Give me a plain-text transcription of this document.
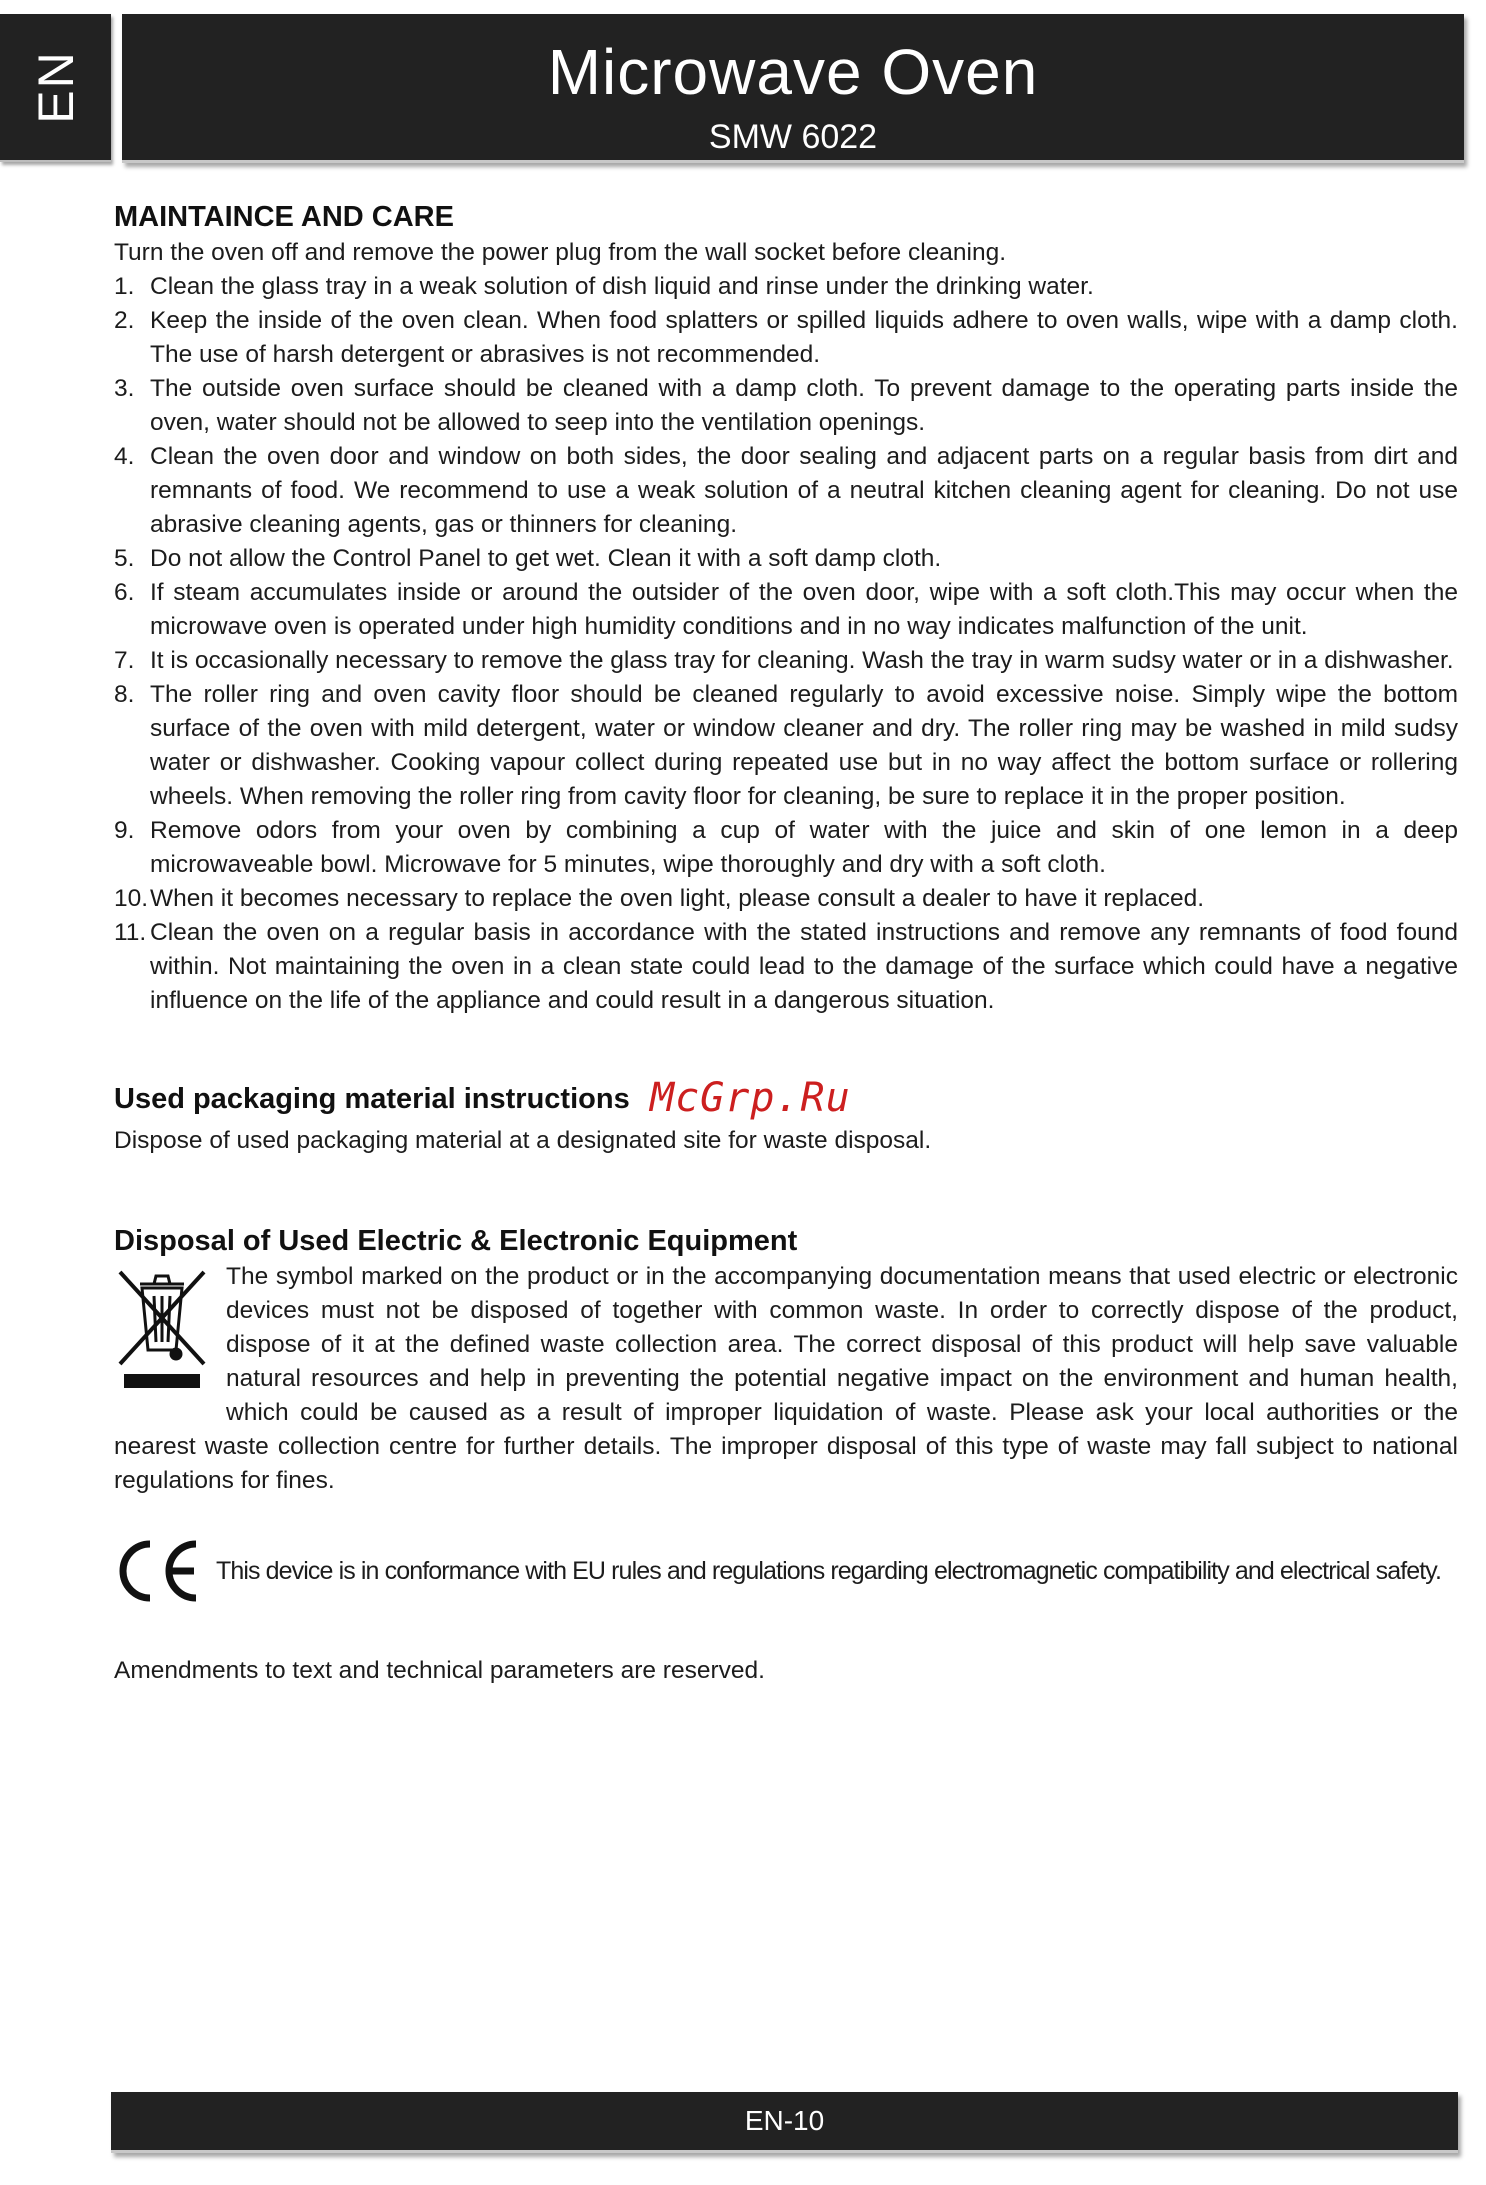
EN	Microwave Oven
SMW 6022
MAINTAINCE AND CARE

Turn the oven off and remove the power plug from the wall socket before cleaning.

1. Clean the glass tray in a weak solution of dish liquid and rinse under the drinking water.
2. Keep the inside of the oven clean. When food splatters or spilled liquids adhere to oven walls, wipe with a damp cloth. The use of harsh detergent or abrasives is not recommended.
3. The outside oven surface should be cleaned with a damp cloth. To prevent damage to the operating parts inside the oven, water should not be allowed to seep into the ventilation openings.
4. Clean the oven door and window on both sides, the door sealing and adjacent parts on a regular basis from dirt and remnants of food. We recommend to use a weak solution of a neutral kitchen cleaning agent for cleaning. Do not use abrasive cleaning agents, gas or thinners for cleaning.
5. Do not allow the Control Panel to get wet. Clean it with a soft damp cloth.
6. If steam accumulates inside or around the outsider of the oven door, wipe with a soft cloth.This may occur when the microwave oven is operated under high humidity conditions and in no way indicates malfunction of the unit.
7. It is occasionally necessary to remove the glass tray for cleaning. Wash the tray in warm sudsy water or in a dishwasher.
8. The roller ring and oven cavity floor should be cleaned regularly to avoid excessive noise. Simply wipe the bottom surface of the oven with mild detergent, water or window cleaner and dry. The roller ring may be washed in mild sudsy water or dishwasher. Cooking vapour collect during repeated use but in no way affect the bottom surface or rollering wheels. When removing the roller ring from cavity floor for cleaning, be sure to replace it in the proper position.
9. Remove odors from your oven by combining a cup of water with the juice and skin of one lemon in a deep microwaveable bowl. Microwave for 5 minutes, wipe thoroughly and dry with a soft cloth.
10. When it becomes necessary to replace the oven light, please consult a dealer to have it replaced.
11. Clean the oven on a regular basis in accordance with the stated instructions and remove any remnants of food found within. Not maintaining the oven in a clean state could lead to the damage of the surface which could have a negative influence on the life of the appliance and could result in a dangerous situation.
Used packaging material instructions McGrp.Ru

Dispose of used packaging material at a designated site for waste disposal.

Disposal of Used Electric & Electronic Equipment

The symbol marked on the product or in the accompanying documentation means that used electric or electronic devices must not be disposed of together with common waste. In order to correctly dispose of the product, dispose of it at the defined waste collection area. The correct disposal of this product will help save valuable natural resources and help in preventing the potential negative impact on the environment and human health, which could be caused as a result of improper liquidation of waste. Please ask your local authorities or the nearest waste collection centre for further details. The improper disposal of this type of waste may fall subject to national regulations for fines.

This device is in conformance with EU rules and regulations regarding electromagnetic compatibility and electrical safety.

Amendments to text and technical parameters are reserved.

EN-10
